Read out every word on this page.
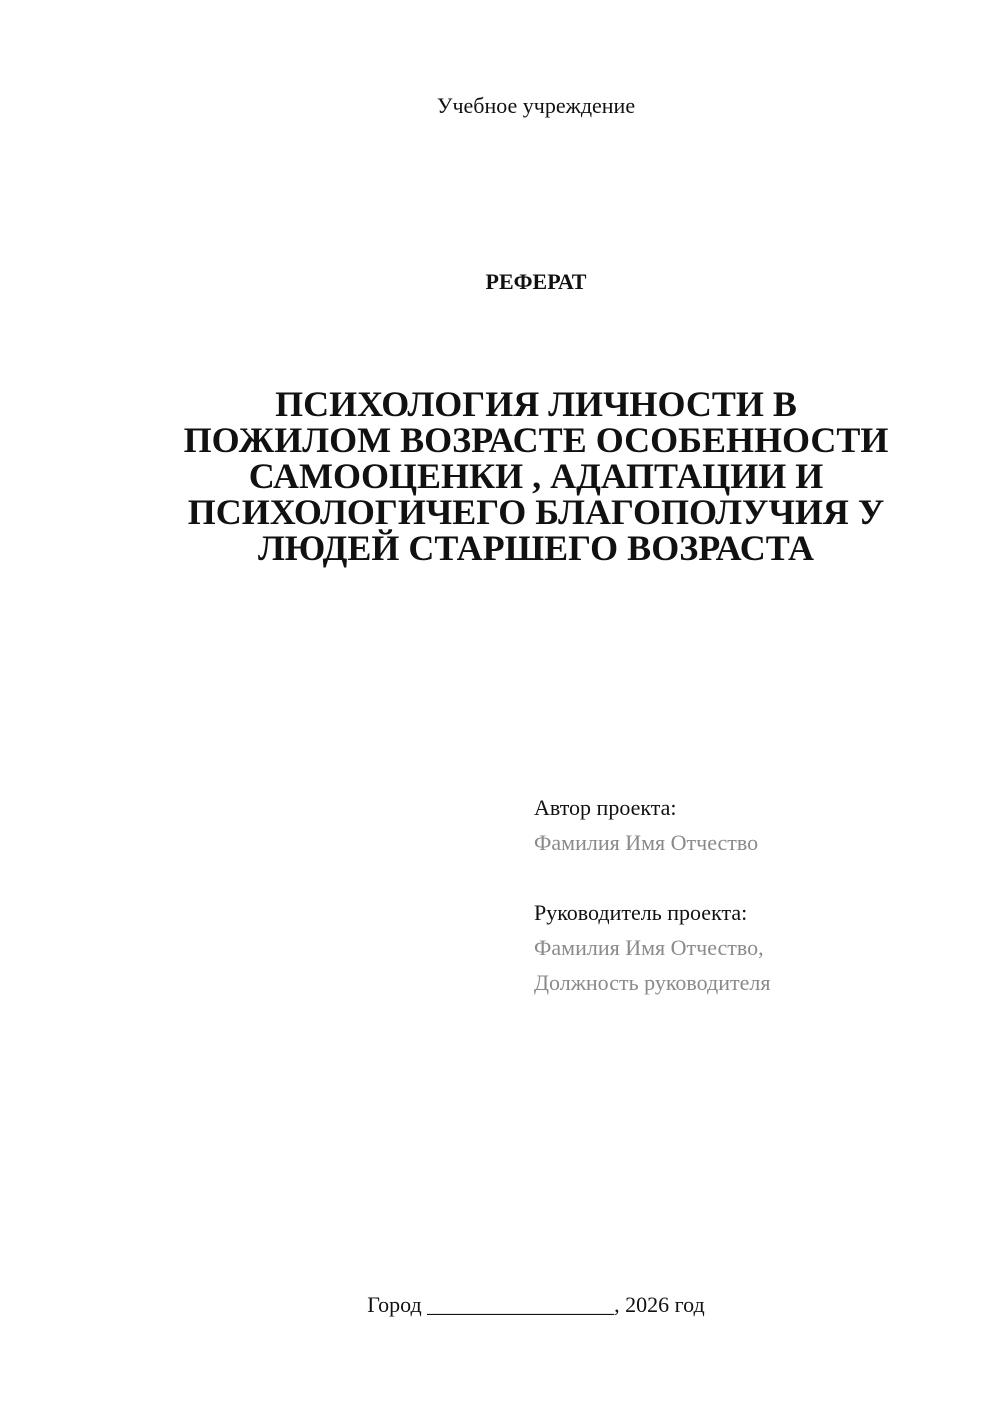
Учебное учреждение
РЕФЕРАТ
ПСИХОЛОГИЯ ЛИЧНОСТИ В
ПОЖИЛОМ ВОЗРАСТЕ ОСОБЕННОСТИ
САМООЦЕНКИ , АДАПТАЦИИ И
ПСИХОЛОГИЧЕГО БЛАГОПОЛУЧИЯ У
ЛЮДЕЙ СТАРШЕГО ВОЗРАСТА
Автор проекта:
Фамилия Имя Отчество
Руководитель проекта:
Фамилия Имя Отчество,
Должность руководителя
Город _________________, 2026 год
